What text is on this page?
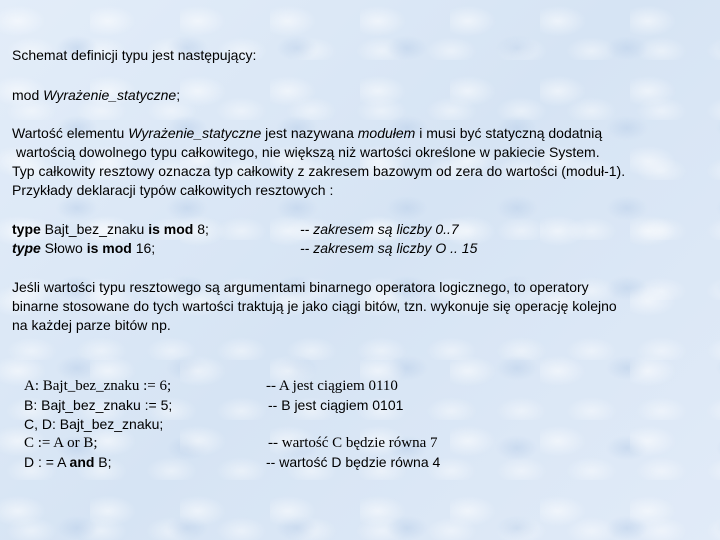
Schemat definicji typu jest następujący:
mod Wyrażenie_statyczne;
Wartość elementu Wyrażenie_statyczne jest nazywana modułem i musi być statyczną dodatnią
wartością dowolnego typu całkowitego, nie większą niż wartości określone w pakiecie System.
Typ całkowity resztowy oznacza typ całkowity z zakresem bazowym od zera do wartości (moduł-1).
Przykłady deklaracji typów całkowitych resztowych :
type Bajt_bez_znaku is mod 8;	-- zakresem są liczby 0..7
type Słowo is mod 16;	-- zakresem są liczby O .. 15
Jeśli wartości typu resztowego są argumentami binarnego operatora logicznego, to operatory
binarne stosowane do tych wartości traktują je jako ciągi bitów, tzn. wykonuje się operację kolejno
na każdej parze bitów np.
A: Bajt_bez_znaku := 6;	-- A jest ciągiem 0110
B: Bajt_bez_znaku := 5;	-- B jest ciągiem 0101
C, D: Bajt_bez_znaku;
C := A or B;	-- wartość C będzie równa 7
D : = A and B;	-- wartość D będzie równa 4
